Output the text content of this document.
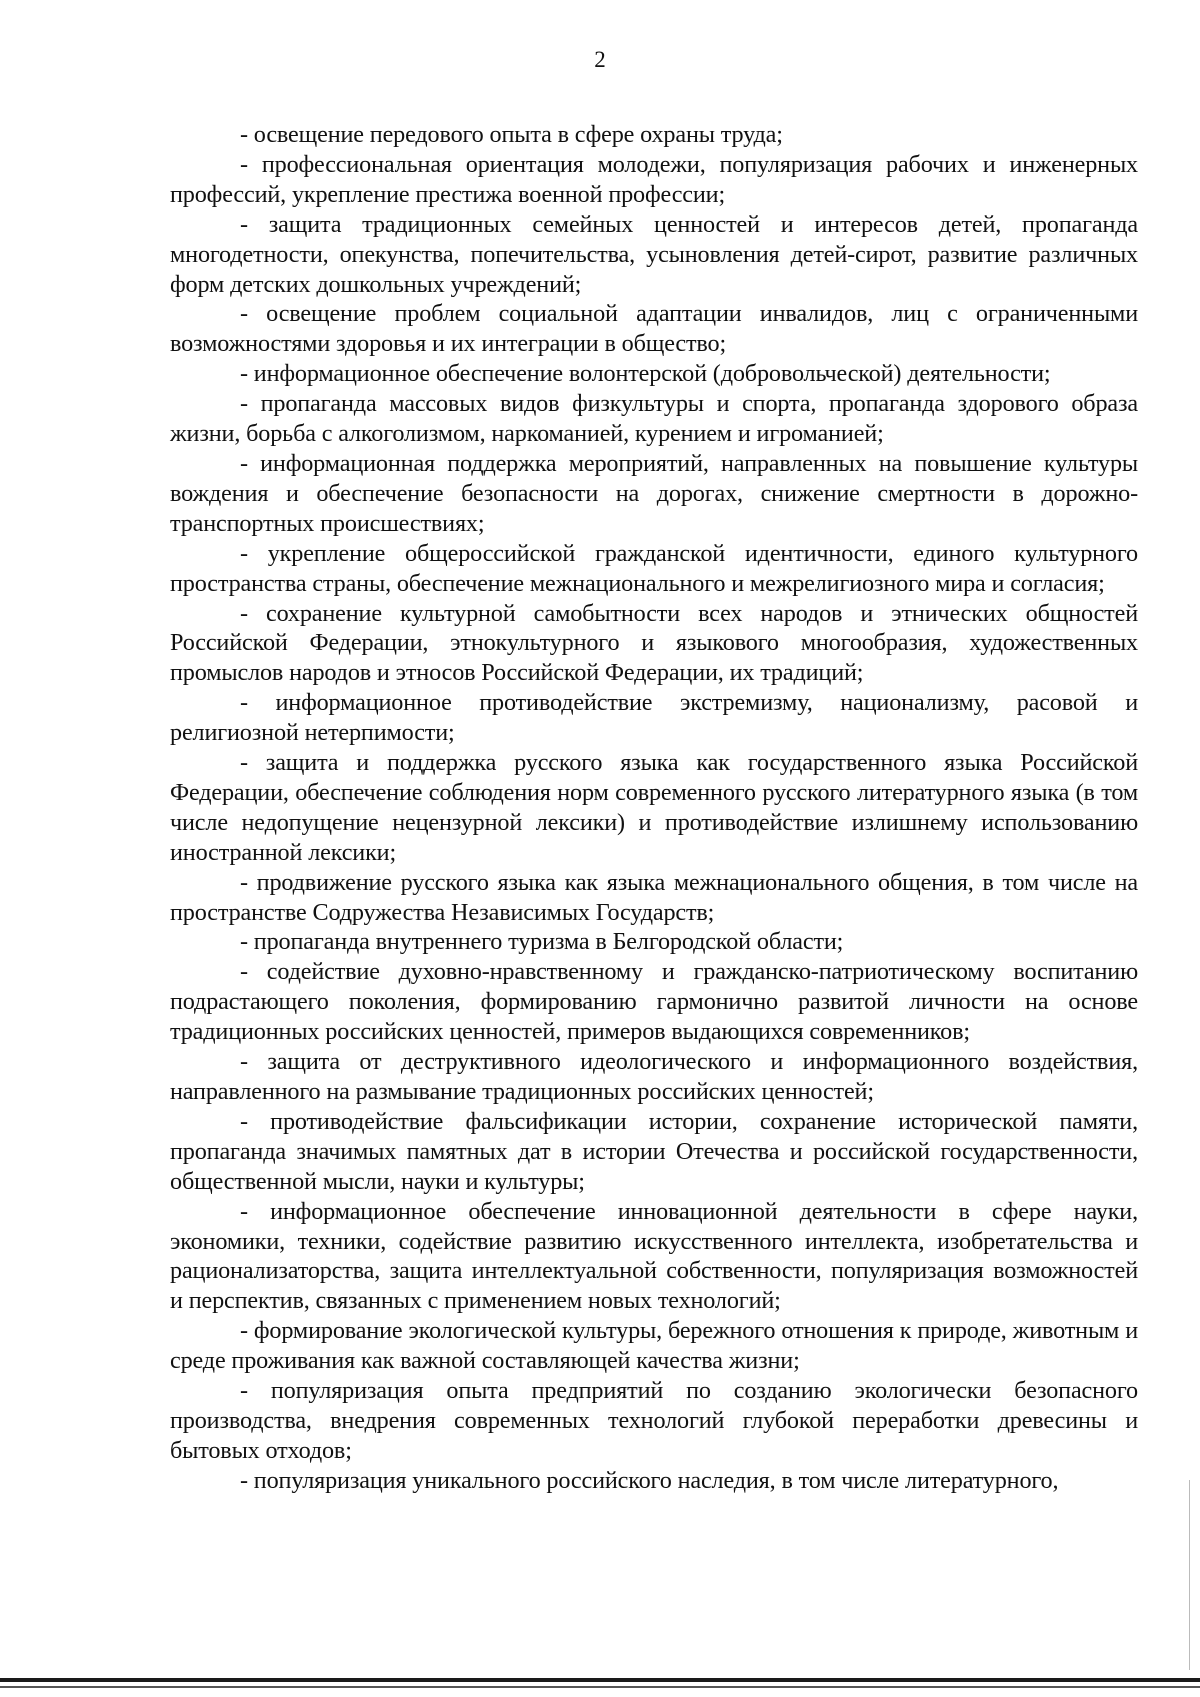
2

- освещение передового опыта в сфере охраны труда;

- профессиональная ориентация молодежи, популяризация рабочих и инженерных профессий, укрепление престижа военной профессии;

- защита традиционных семейных ценностей и интересов детей, пропаганда многодетности, опекунства, попечительства, усыновления детей-сирот, развитие различных форм детских дошкольных учреждений;

- освещение проблем социальной адаптации инвалидов, лиц с ограниченными возможностями здоровья и их интеграции в общество;

- информационное обеспечение волонтерской (добровольческой) деятельности;

- пропаганда массовых видов физкультуры и спорта, пропаганда здорового образа жизни, борьба с алкоголизмом, наркоманией, курением и игроманией;

- информационная поддержка мероприятий, направленных на повышение культуры вождения и обеспечение безопасности на дорогах, снижение смертности в дорожно-транспортных происшествиях;

- укрепление общероссийской гражданской идентичности, единого культурного пространства страны, обеспечение межнационального и межрелигиозного мира и согласия;

- сохранение культурной самобытности всех народов и этнических общностей Российской Федерации, этнокультурного и языкового многообразия, художественных промыслов народов и этносов Российской Федерации, их традиций;

- информационное противодействие экстремизму, национализму, расовой и религиозной нетерпимости;

- защита и поддержка русского языка как государственного языка Российской Федерации, обеспечение соблюдения норм современного русского литературного языка (в том числе недопущение нецензурной лексики) и противодействие излишнему использованию иностранной лексики;

- продвижение русского языка как языка межнационального общения, в том числе на пространстве Содружества Независимых Государств;

- пропаганда внутреннего туризма в Белгородской области;

- содействие духовно-нравственному и гражданско-патриотическому воспитанию подрастающего поколения, формированию гармонично развитой личности на основе традиционных российских ценностей, примеров выдающихся современников;

- защита от деструктивного идеологического и информационного воздействия, направленного на размывание традиционных российских ценностей;

- противодействие фальсификации истории, сохранение исторической памяти, пропаганда значимых памятных дат в истории Отечества и российской государственности, общественной мысли, науки и культуры;

- информационное обеспечение инновационной деятельности в сфере науки, экономики, техники, содействие развитию искусственного интеллекта, изобретательства и рационализаторства, защита интеллектуальной собственности, популяризация возможностей и перспектив, связанных с применением новых технологий;

- формирование экологической культуры, бережного отношения к природе, животным и среде проживания как важной составляющей качества жизни;

- популяризация опыта предприятий по созданию экологически безопасного производства, внедрения современных технологий глубокой переработки древесины и бытовых отходов;

- популяризация уникального российского наследия, в том числе литературного,
